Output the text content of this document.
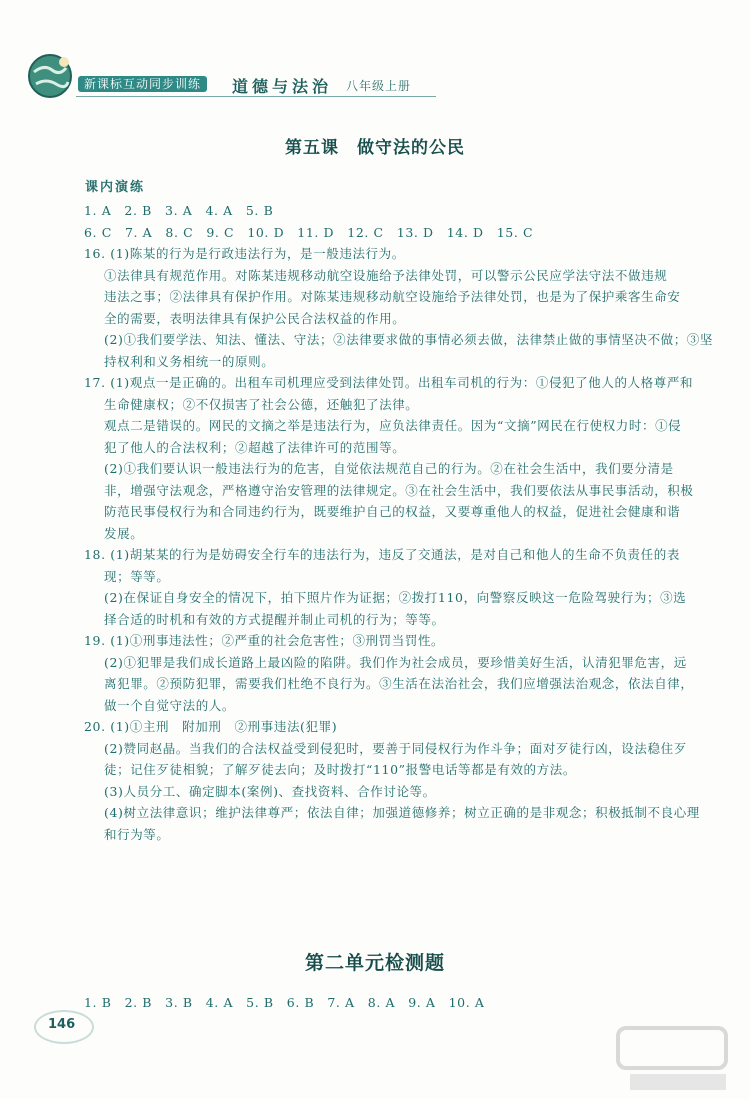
新课标互动同步训练	道德与法治 八年级上册
第五课　做守法的公民
课内演练
1. A　2. B　3. A　4. A　5. B
6. C　7. A　8. C　9. C　10. D　11. D　12. C　13. D　14. D　15. C
16. (1)陈某的行为是行政违法行为，是一般违法行为。
①法律具有规范作用。对陈某违规移动航空设施给予法律处罚，可以警示公民应学法守法不做违规
违法之事；②法律具有保护作用。对陈某违规移动航空设施给予法律处罚，也是为了保护乘客生命安
全的需要，表明法律具有保护公民合法权益的作用。
(2)①我们要学法、知法、懂法、守法；②法律要求做的事情必须去做，法律禁止做的事情坚决不做；③坚
持权利和义务相统一的原则。
17. (1)观点一是正确的。出租车司机理应受到法律处罚。出租车司机的行为：①侵犯了他人的人格尊严和
生命健康权；②不仅损害了社会公德，还触犯了法律。
观点二是错误的。网民的文摘之举是违法行为，应负法律责任。因为“文摘”网民在行使权力时：①侵
犯了他人的合法权利；②超越了法律许可的范围等。
(2)①我们要认识一般违法行为的危害，自觉依法规范自己的行为。②在社会生活中，我们要分清是
非，增强守法观念，严格遵守治安管理的法律规定。③在社会生活中，我们要依法从事民事活动，积极
防范民事侵权行为和合同违约行为，既要维护自己的权益，又要尊重他人的权益，促进社会健康和谐
发展。
18. (1)胡某某的行为是妨碍安全行车的违法行为，违反了交通法，是对自己和他人的生命不负责任的表
现；等等。
(2)在保证自身安全的情况下，拍下照片作为证据；②拨打110，向警察反映这一危险驾驶行为；③选
择合适的时机和有效的方式提醒并制止司机的行为；等等。
19. (1)①刑事违法性；②严重的社会危害性；③刑罚当罚性。
(2)①犯罪是我们成长道路上最凶险的陷阱。我们作为社会成员，要珍惜美好生活，认清犯罪危害，远
离犯罪。②预防犯罪，需要我们杜绝不良行为。③生活在法治社会，我们应增强法治观念，依法自律，
做一个自觉守法的人。
20. (1)①主刑　附加刑　②刑事违法(犯罪)
(2)赞同赵晶。当我们的合法权益受到侵犯时，要善于同侵权行为作斗争；面对歹徒行凶，设法稳住歹
徒；记住歹徒相貌；了解歹徒去向；及时拨打“110”报警电话等都是有效的方法。
(3)人员分工、确定脚本(案例)、查找资料、合作讨论等。
(4)树立法律意识；维护法律尊严；依法自律；加强道德修养；树立正确的是非观念；积极抵制不良心理
和行为等。
第二单元检测题
1. B　2. B　3. B　4. A　5. B　6. B　7. A　8. A　9. A　10. A
146
